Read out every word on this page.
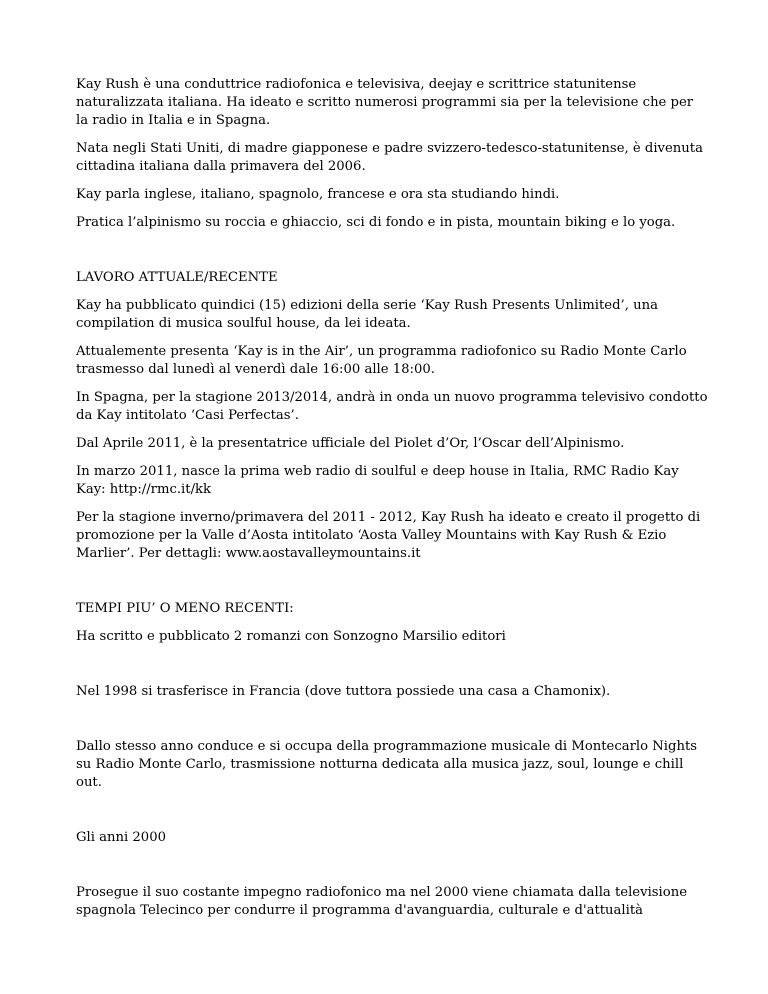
Kay Rush è una conduttrice radiofonica e televisiva, deejay e scrittrice statunitense naturalizzata italiana. Ha ideato e scritto numerosi programmi sia per la televisione che per la radio in Italia e in Spagna.

Nata negli Stati Uniti, di madre giapponese e padre svizzero-tedesco-statunitense, è divenuta cittadina italiana dalla primavera del 2006.

Kay parla inglese, italiano, spagnolo, francese e ora sta studiando hindi.

Pratica l’alpinismo su roccia e ghiaccio, sci di fondo e in pista, mountain biking e lo yoga.

LAVORO ATTUALE/RECENTE

Kay ha pubblicato quindici (15) edizioni della serie ‘Kay Rush Presents Unlimited’, una compilation di musica soulful house, da lei ideata.

Attualemente presenta ‘Kay is in the Air’, un programma radiofonico su Radio Monte Carlo trasmesso dal lunedì al venerdì dale 16:00 alle 18:00.

In Spagna, per la stagione 2013/2014, andrà in onda un nuovo programma televisivo condotto da Kay intitolato ‘Casi Perfectas’.

Dal Aprile 2011, è la presentatrice ufficiale del Piolet d’Or, l’Oscar dell’Alpinismo.

In marzo 2011, nasce la prima web radio di soulful e deep house in Italia, RMC Radio Kay Kay: http://rmc.it/kk

Per la stagione inverno/primavera del 2011 - 2012, Kay Rush ha ideato e creato il progetto di promozione per la Valle d’Aosta intitolato ‘Aosta Valley Mountains with Kay Rush & Ezio Marlier’. Per dettagli: www.aostavalleymountains.it

TEMPI PIU’ O MENO RECENTI:

Ha scritto e pubblicato 2 romanzi con Sonzogno Marsilio editori

Nel 1998 si trasferisce in Francia (dove tuttora possiede una casa a Chamonix).

Dallo stesso anno conduce e si occupa della programmazione musicale di Montecarlo Nights su Radio Monte Carlo, trasmissione notturna dedicata alla musica jazz, soul, lounge e chill out.

Gli anni 2000

Prosegue il suo costante impegno radiofonico ma nel 2000 viene chiamata dalla televisione spagnola Telecinco per condurre il programma d'avanguardia, culturale e d'attualità
